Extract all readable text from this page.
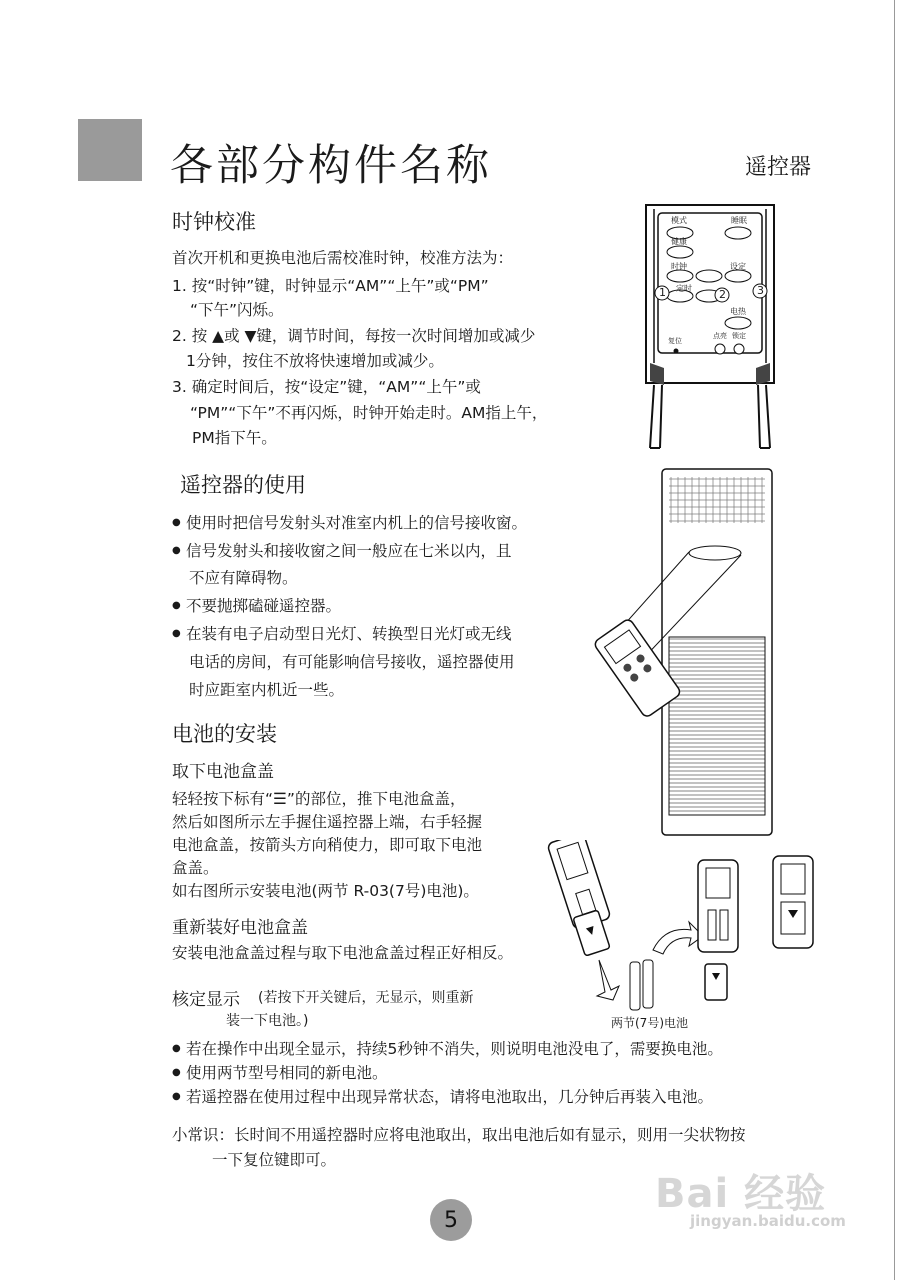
各部分构件名称	遥控器
时钟校准
首次开机和更换电池后需校准时钟，校准方法为：
1. 按“时钟”键，时钟显示“AM”“上午”或“PM”
“下午”闪烁。
2. 按 ▲或 ▼键，调节时间，每按一次时间增加或减少
1分钟，按住不放将快速增加或减少。
3. 确定时间后，按“设定”键，“AM”“上午”或
“PM”“下午”不再闪烁，时钟开始走时。AM指上午，
PM指下午。
模式	睡眠
健康
时钟	设定
定时
电热
复位
点亮 锁定
1	2	3
遥控器的使用
● 使用时把信号发射头对准室内机上的信号接收窗。
● 信号发射头和接收窗之间一般应在七米以内，且
不应有障碍物。
● 不要抛掷磕碰遥控器。
● 在装有电子启动型日光灯、转换型日光灯或无线
电话的房间，有可能影响信号接收，遥控器使用
时应距室内机近一些。
电池的安装
取下电池盒盖
轻轻按下标有“☰”的部位，推下电池盒盖，
然后如图所示左手握住遥控器上端，右手轻握
电池盒盖，按箭头方向稍使力，即可取下电池
盒盖。
如右图所示安装电池(两节 R-03(7号)电池)。
重新装好电池盒盖
安装电池盒盖过程与取下电池盒盖过程正好相反。
核定显示 (若按下开关键后，无显示，则重新
装一下电池。)	两节(7号)电池
● 若在操作中出现全显示，持续5秒钟不消失，则说明电池没电了，需要换电池。
● 使用两节型号相同的新电池。
● 若遥控器在使用过程中出现异常状态，请将电池取出，几分钟后再装入电池。
小常识：长时间不用遥控器时应将电池取出，取出电池后如有显示，则用一尖状物按
一下复位键即可。
Bai 经验
jingyan.baidu.com
5
